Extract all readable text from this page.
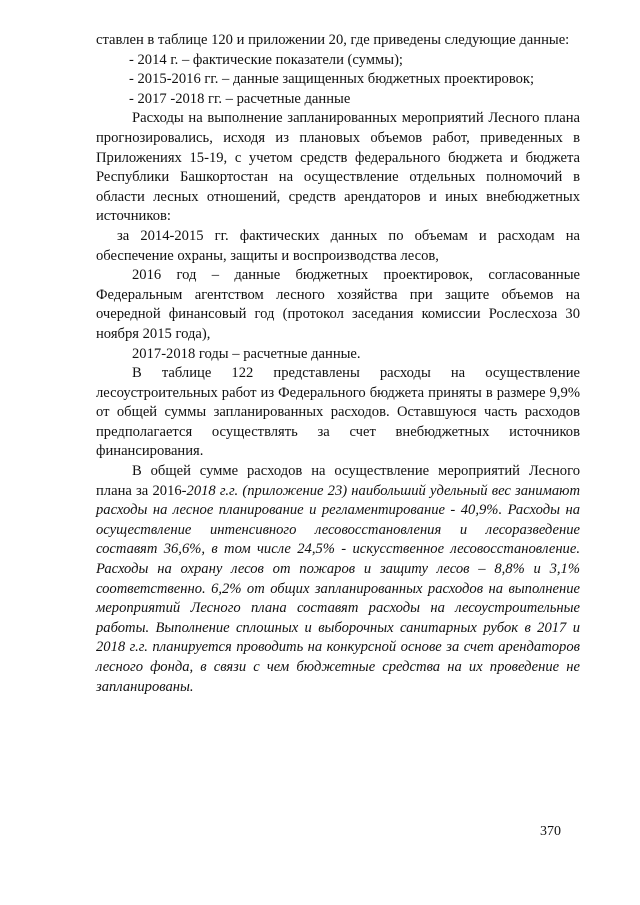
ставлен в таблице 120 и приложении 20, где приведены следующие данные:

- 2014 г. – фактические показатели (суммы);

- 2015-2016 гг. – данные защищенных бюджетных проектировок;

- 2017 -2018 гг. – расчетные данные

Расходы на выполнение запланированных мероприятий Лесного плана прогнозировались, исходя из плановых объемов работ, приведенных в Приложениях 15-19, с учетом средств федерального бюджета и бюджета Республики Башкортостан на осуществление отдельных полномочий в области лесных отношений, средств арендаторов и иных внебюджетных источников:

за 2014-2015 гг. фактических данных по объемам и расходам на обеспечение охраны, защиты и воспроизводства лесов,

2016 год – данные бюджетных проектировок, согласованные Федеральным агентством лесного хозяйства при защите объемов на очередной финансовый год (протокол заседания комиссии Рослесхоза 30 ноября 2015 года),

2017-2018 годы – расчетные данные.

В таблице 122 представлены расходы на осуществление лесоустроительных работ из Федерального бюджета приняты в размере 9,9% от общей суммы запланированных расходов. Оставшуюся часть расходов предполагается осуществлять за счет внебюджетных источников финансирования.

В общей сумме расходов на осуществление мероприятий Лесного плана за 2016-2018 г.г. (приложение 23) наибольший удельный вес занимают расходы на лесное планирование и регламентирование - 40,9%. Расходы на осуществление интенсивного лесовосстановления и лесоразведение составят 36,6%, в том числе 24,5% - искусственное лесовосстановление. Расходы на охрану лесов от пожаров и защиту лесов – 8,8% и 3,1% соответственно. 6,2% от общих запланированных расходов на выполнение мероприятий Лесного плана составят расходы на лесоустроительные работы. Выполнение сплошных и выборочных санитарных рубок в 2017 и 2018 г.г. планируется проводить на конкурсной основе за счет арендаторов лесного фонда, в связи с чем бюджетные средства на их проведение не запланированы.

370
